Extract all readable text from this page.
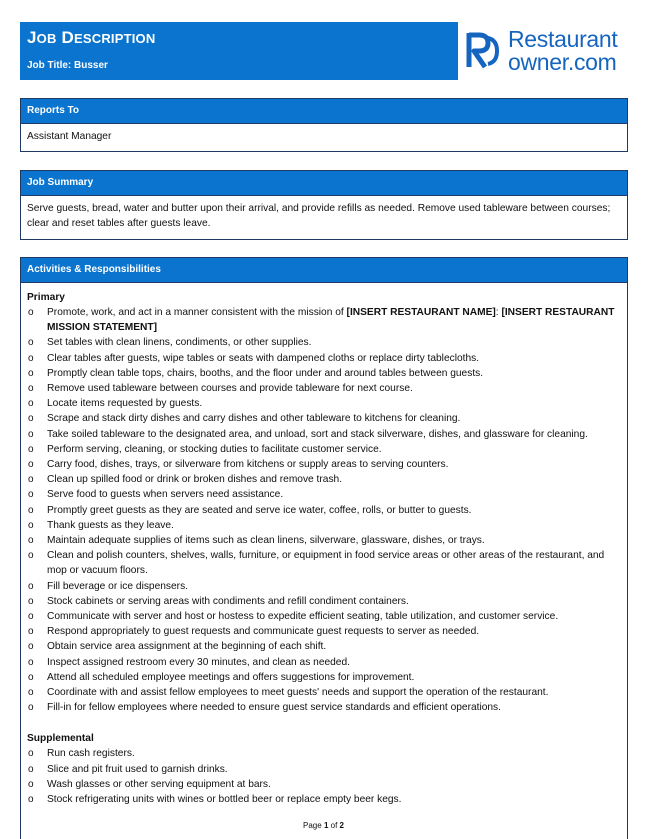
JOB DESCRIPTION
Job Title: Busser
Restaurant
owner.com
Reports To
Assistant Manager
Job Summary
Serve guests, bread, water and butter upon their arrival, and provide refills as needed. Remove used tableware between courses; clear and reset tables after guests leave.
Activities & Responsibilities
Primary
o Promote, work, and act in a manner consistent with the mission of [INSERT RESTAURANT NAME]: [INSERT RESTAURANT MISSION STATEMENT]
o Set tables with clean linens, condiments, or other supplies.
o Clear tables after guests, wipe tables or seats with dampened cloths or replace dirty tablecloths.
o Promptly clean table tops, chairs, booths, and the floor under and around tables between guests.
o Remove used tableware between courses and provide tableware for next course.
o Locate items requested by guests.
o Scrape and stack dirty dishes and carry dishes and other tableware to kitchens for cleaning.
o Take soiled tableware to the designated area, and unload, sort and stack silverware, dishes, and glassware for cleaning.
o Perform serving, cleaning, or stocking duties to facilitate customer service.
o Carry food, dishes, trays, or silverware from kitchens or supply areas to serving counters.
o Clean up spilled food or drink or broken dishes and remove trash.
o Serve food to guests when servers need assistance.
o Promptly greet guests as they are seated and serve ice water, coffee, rolls, or butter to guests.
o Thank guests as they leave.
o Maintain adequate supplies of items such as clean linens, silverware, glassware, dishes, or trays.
o Clean and polish counters, shelves, walls, furniture, or equipment in food service areas or other areas of the restaurant, and mop or vacuum floors.
o Fill beverage or ice dispensers.
o Stock cabinets or serving areas with condiments and refill condiment containers.
o Communicate with server and host or hostess to expedite efficient seating, table utilization, and customer service.
o Respond appropriately to guest requests and communicate guest requests to server as needed.
o Obtain service area assignment at the beginning of each shift.
o Inspect assigned restroom every 30 minutes, and clean as needed.
o Attend all scheduled employee meetings and offers suggestions for improvement.
o Coordinate with and assist fellow employees to meet guests' needs and support the operation of the restaurant.
o Fill-in for fellow employees where needed to ensure guest service standards and efficient operations.
Supplemental
o Run cash registers.
o Slice and pit fruit used to garnish drinks.
o Wash glasses or other serving equipment at bars.
o Stock refrigerating units with wines or bottled beer or replace empty beer kegs.
Page 1 of 2
